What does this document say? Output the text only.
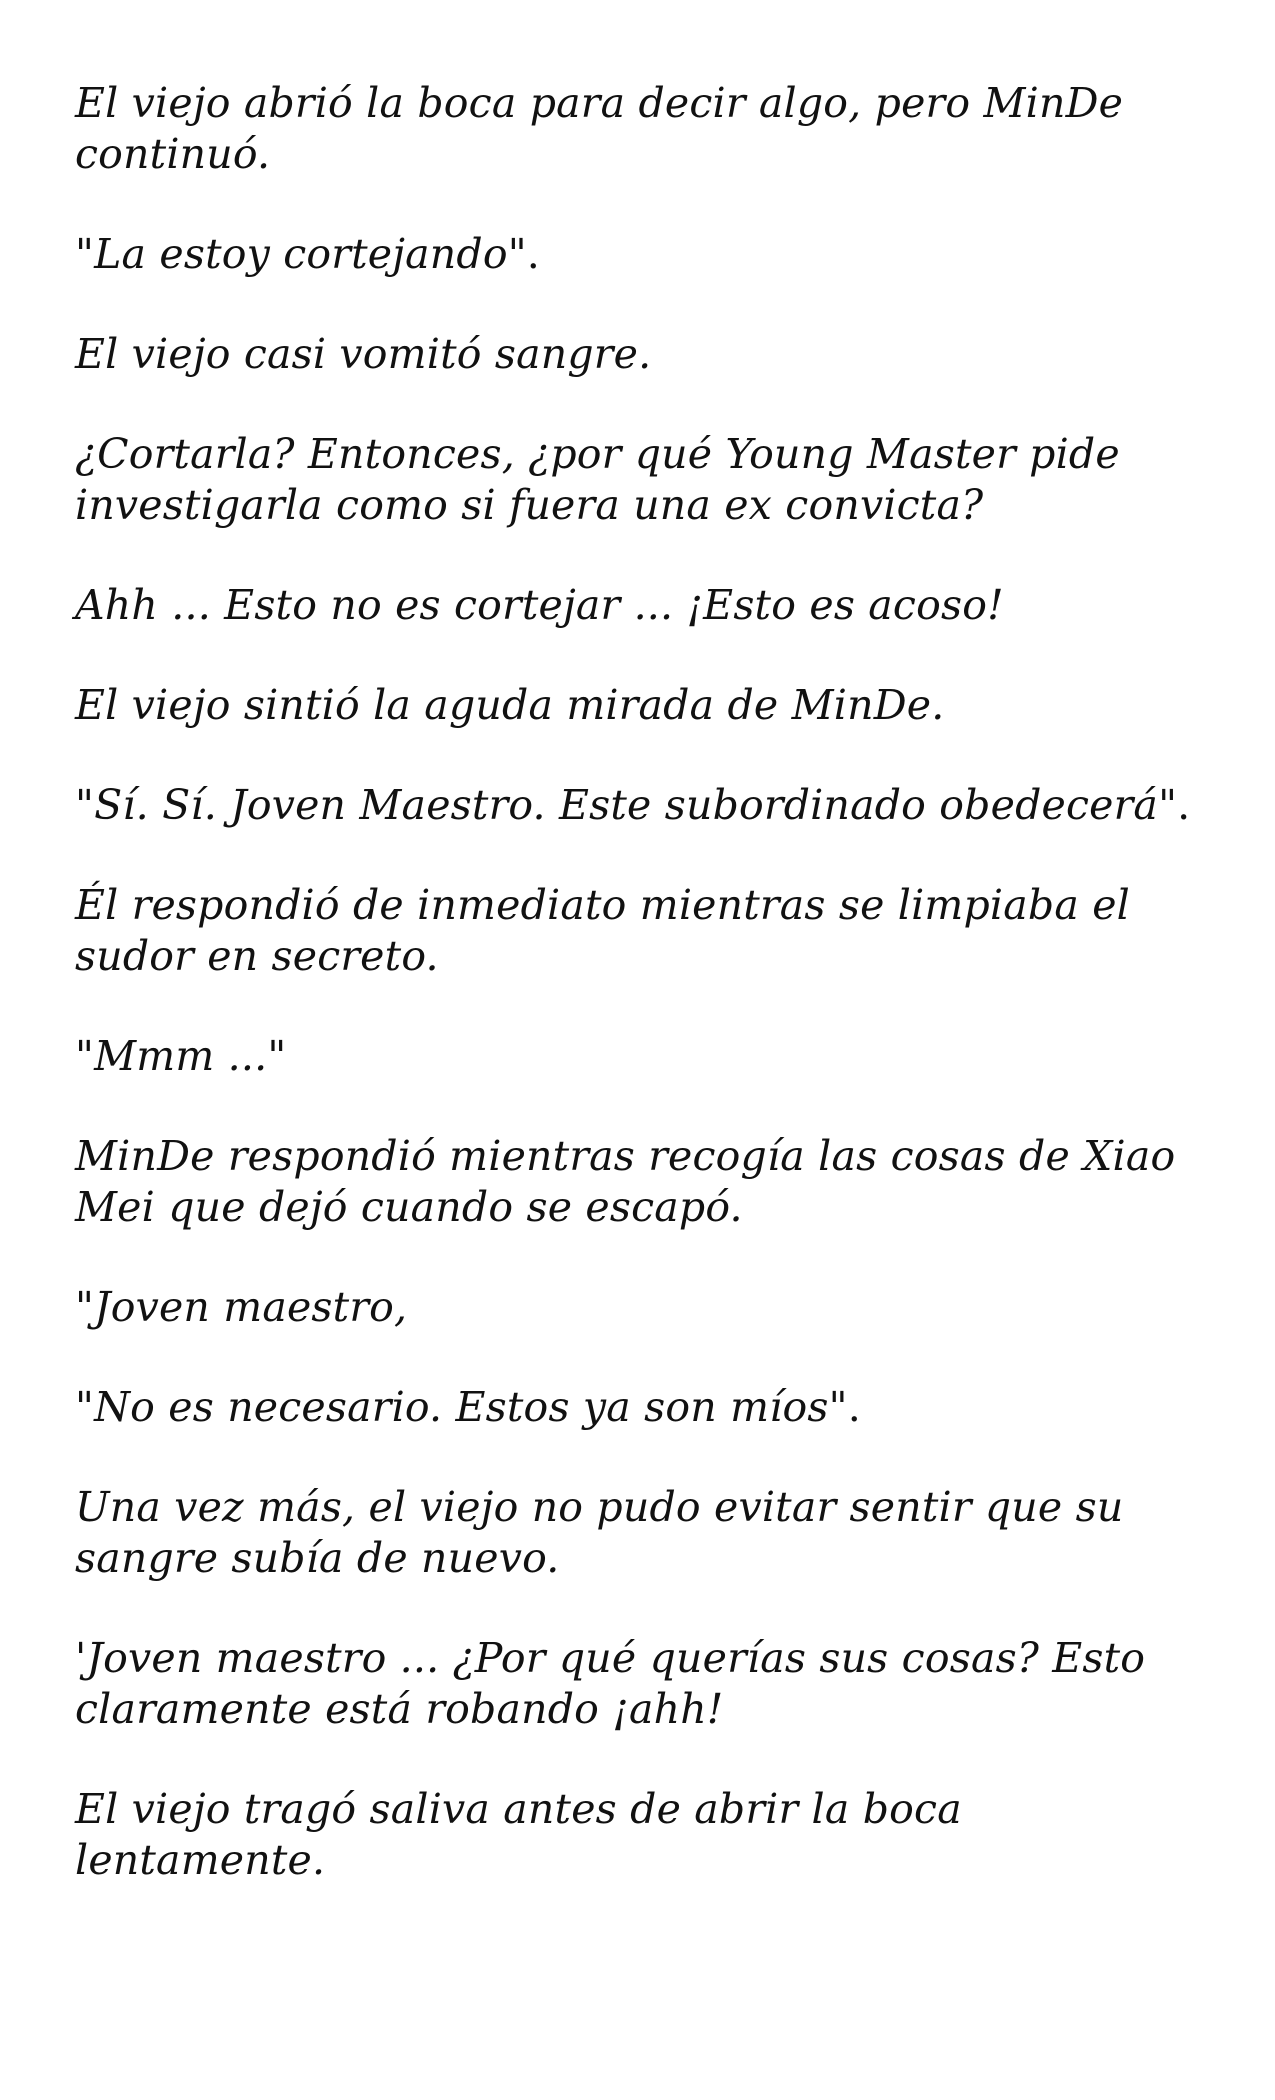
El viejo abrió la boca para decir algo, pero MinDe continuó.

"La estoy cortejando".

El viejo casi vomitó sangre.

¿Cortarla? Entonces, ¿por qué Young Master pide investigarla como si fuera una ex convicta?

Ahh ... Esto no es cortejar ... ¡Esto es acoso!

El viejo sintió la aguda mirada de MinDe.

"Sí. Sí. Joven Maestro. Este subordinado obedecerá".

Él respondió de inmediato mientras se limpiaba el sudor en secreto.

"Mmm ..."

MinDe respondió mientras recogía las cosas de Xiao Mei que dejó cuando se escapó.

"Joven maestro,

"No es necesario. Estos ya son míos".

Una vez más, el viejo no pudo evitar sentir que su sangre subía de nuevo.

'Joven maestro ... ¿Por qué querías sus cosas? Esto claramente está robando ¡ahh!

El viejo tragó saliva antes de abrir la boca lentamente.
